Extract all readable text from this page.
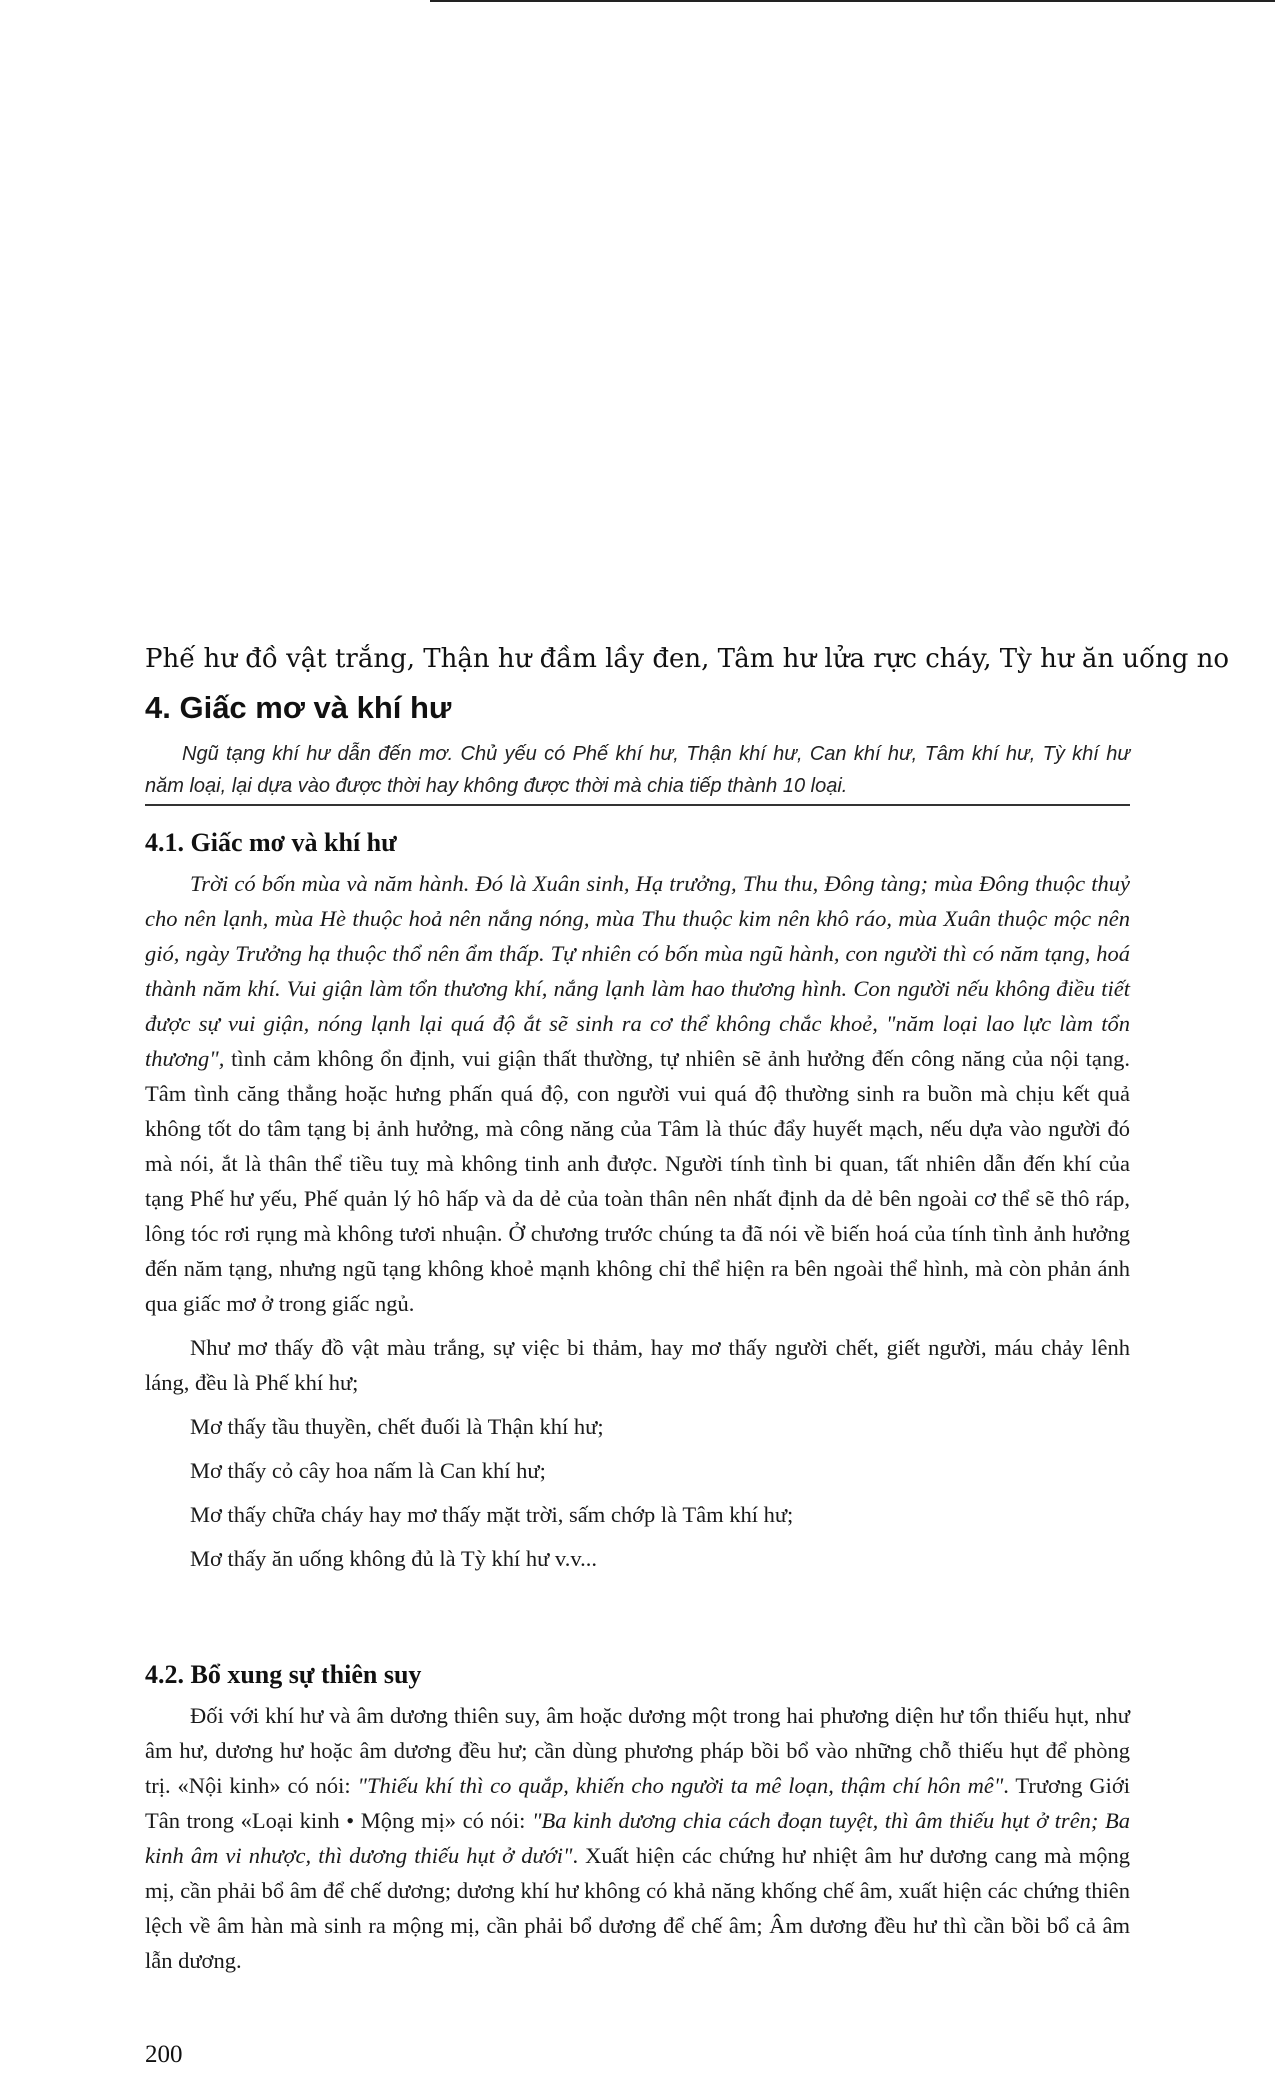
Phế hư đồ vật trắng, Thận hư đầm lầy đen, Tâm hư lửa rực cháy, Tỳ hư ăn uống no
4. Giấc mơ và khí hư
Ngũ tạng khí hư dẫn đến mơ. Chủ yếu có Phế khí hư, Thận khí hư, Can khí hư, Tâm khí hư, Tỳ khí hư năm loại, lại dựa vào được thời hay không được thời mà chia tiếp thành 10 loại.
4.1. Giấc mơ và khí hư

Trời có bốn mùa và năm hành. Đó là Xuân sinh, Hạ trưởng, Thu thu, Đông tàng; mùa Đông thuộc thuỷ cho nên lạnh, mùa Hè thuộc hoả nên nắng nóng, mùa Thu thuộc kim nên khô ráo, mùa Xuân thuộc mộc nên gió, ngày Trưởng hạ thuộc thổ nên ẩm thấp. Tự nhiên có bốn mùa ngũ hành, con người thì có năm tạng, hoá thành năm khí. Vui giận làm tổn thương khí, nắng lạnh làm hao thương hình. Con người nếu không điều tiết được sự vui giận, nóng lạnh lại quá độ ắt sẽ sinh ra cơ thể không chắc khoẻ, "năm loại lao lực làm tổn thương", tình cảm không ổn định, vui giận thất thường, tự nhiên sẽ ảnh hưởng đến công năng của nội tạng. Tâm tình căng thẳng hoặc hưng phấn quá độ, con người vui quá độ thường sinh ra buồn mà chịu kết quả không tốt do tâm tạng bị ảnh hưởng, mà công năng của Tâm là thúc đẩy huyết mạch, nếu dựa vào người đó mà nói, ắt là thân thể tiều tuỵ mà không tinh anh được. Người tính tình bi quan, tất nhiên dẫn đến khí của tạng Phế hư yếu, Phế quản lý hô hấp và da dẻ của toàn thân nên nhất định da dẻ bên ngoài cơ thể sẽ thô ráp, lông tóc rơi rụng mà không tươi nhuận. Ở chương trước chúng ta đã nói về biến hoá của tính tình ảnh hưởng đến năm tạng, nhưng ngũ tạng không khoẻ mạnh không chỉ thể hiện ra bên ngoài thể hình, mà còn phản ánh qua giấc mơ ở trong giấc ngủ.

Như mơ thấy đồ vật màu trắng, sự việc bi thảm, hay mơ thấy người chết, giết người, máu chảy lênh láng, đều là Phế khí hư;

Mơ thấy tầu thuyền, chết đuối là Thận khí hư;

Mơ thấy cỏ cây hoa nấm là Can khí hư;

Mơ thấy chữa cháy hay mơ thấy mặt trời, sấm chớp là Tâm khí hư;

Mơ thấy ăn uống không đủ là Tỳ khí hư v.v...

4.2. Bổ xung sự thiên suy

Đối với khí hư và âm dương thiên suy, âm hoặc dương một trong hai phương diện hư tổn thiếu hụt, như âm hư, dương hư hoặc âm dương đều hư; cần dùng phương pháp bồi bổ vào những chỗ thiếu hụt để phòng trị. «Nội kinh» có nói: "Thiếu khí thì co quắp, khiến cho người ta mê loạn, thậm chí hôn mê". Trương Giới Tân trong «Loại kinh • Mộng mị» có nói: "Ba kinh dương chia cách đoạn tuyệt, thì âm thiếu hụt ở trên; Ba kinh âm vi nhược, thì dương thiếu hụt ở dưới". Xuất hiện các chứng hư nhiệt âm hư dương cang mà mộng mị, cần phải bổ âm để chế dương; dương khí hư không có khả năng khống chế âm, xuất hiện các chứng thiên lệch về âm hàn mà sinh ra mộng mị, cần phải bổ dương để chế âm; Âm dương đều hư thì cần bồi bổ cả âm lẫn dương.

200
